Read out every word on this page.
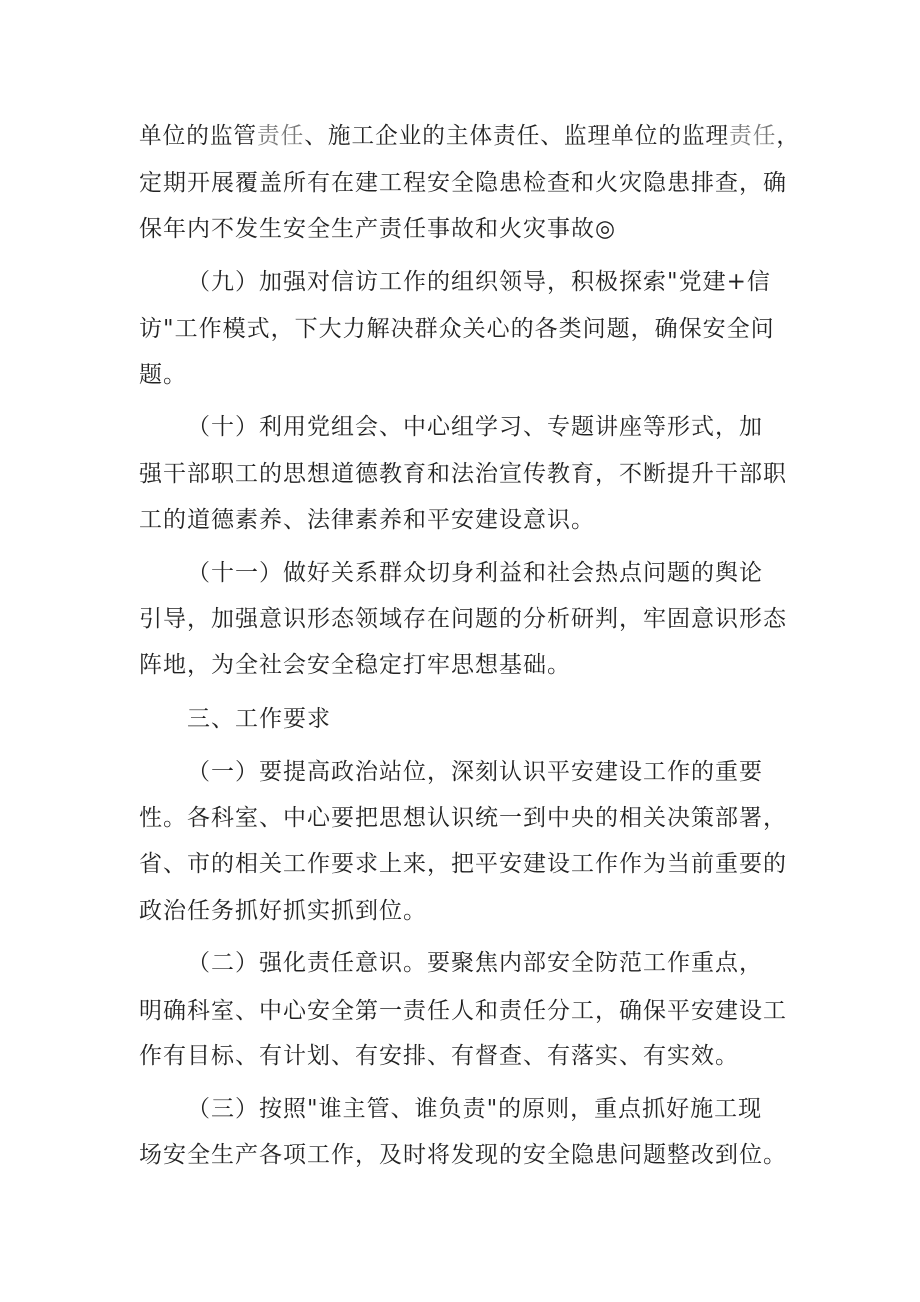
单位的监管责任、施工企业的主体责任、监理单位的监理责任，
定期开展覆盖所有在建工程安全隐患检查和火灾隐患排查，确
保年内不发生安全生产责任事故和火灾事故◎
（九）加强对信访工作的组织领导，积极探索"党建+信
访"工作模式，下大力解决群众关心的各类问题，确保安全问
题。
（十）利用党组会、中心组学习、专题讲座等形式，加
强干部职工的思想道德教育和法治宣传教育，不断提升干部职
工的道德素养、法律素养和平安建设意识。
（十一）做好关系群众切身利益和社会热点问题的舆论
引导，加强意识形态领域存在问题的分析研判，牢固意识形态
阵地，为全社会安全稳定打牢思想基础。
三、工作要求
（一）要提高政治站位，深刻认识平安建设工作的重要
性。各科室、中心要把思想认识统一到中央的相关决策部署，
省、市的相关工作要求上来，把平安建设工作作为当前重要的
政治任务抓好抓实抓到位。
（二）强化责任意识。要聚焦内部安全防范工作重点，
明确科室、中心安全第一责任人和责任分工，确保平安建设工
作有目标、有计划、有安排、有督查、有落实、有实效。
（三）按照"谁主管、谁负责"的原则，重点抓好施工现
场安全生产各项工作，及时将发现的安全隐患问题整改到位。
